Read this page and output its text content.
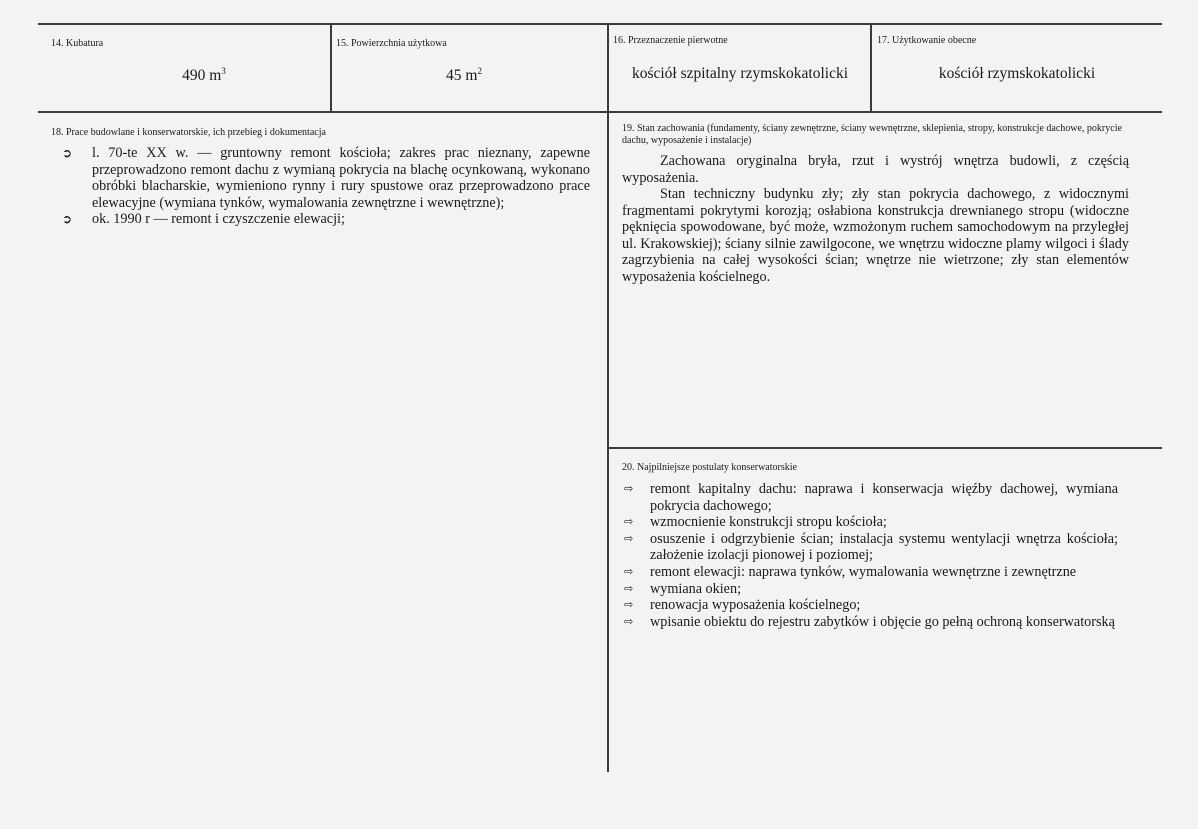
14. Kubatura
490 $m^3$
15. Powierzchnia użytkowa
45 $m^2$
16. Przeznaczenie pierwotne
kościół szpitalny rzymskokatolicki
17. Użytkowanie obecne
kościół rzymskokatolicki
18. Prace budowlane i konserwatorskie, ich przebieg i dokumentacja
➲	l. 70-te XX w. — gruntowny remont kościoła; zakres prac nieznany, zapewne przeprowadzono remont dachu z wymianą pokrycia na blachę ocynkowaną, wykonano obróbki blacharskie, wymieniono rynny i rury spustowe oraz przeprowadzono prace elewacyjne (wymiana tynków, wymalowania zewnętrzne i wewnętrzne);
➲	ok. 1990 r — remont i czyszczenie elewacji;
19. Stan zachowania (fundamenty, ściany zewnętrzne, ściany wewnętrzne, sklepienia, stropy, konstrukcje dachowe, pokrycie dachu, wyposażenie i instalacje)
Zachowana oryginalna bryła, rzut i wystrój wnętrza budowli, z częścią wyposażenia.
Stan techniczny budynku zły; zły stan pokrycia dachowego, z widocznymi fragmentami pokrytymi korozją; osłabiona konstrukcja drewnianego stropu (widoczne pęknięcia spowodowane, być może, wzmożonym ruchem samochodowym na przyległej ul. Krakowskiej); ściany silnie zawilgocone, we wnętrzu widoczne plamy wilgoci i ślady zagrzybienia na całej wysokości ścian; wnętrze nie wietrzone; zły stan elementów wyposażenia kościelnego.
20. Najpilniejsze postulaty konserwatorskie
⇨	remont kapitalny dachu: naprawa i konserwacja więźby dachowej, wymiana pokrycia dachowego;
⇨	wzmocnienie konstrukcji stropu kościoła;
⇨	osuszenie i odgrzybienie ścian; instalacja systemu wentylacji wnętrza kościoła; założenie izolacji pionowej i poziomej;
⇨	remont elewacji: naprawa tynków, wymalowania wewnętrzne i zewnętrzne
⇨	wymiana okien;
⇨	renowacja wyposażenia kościelnego;
⇨	wpisanie obiektu do rejestru zabytków i objęcie go pełną ochroną konserwatorską
